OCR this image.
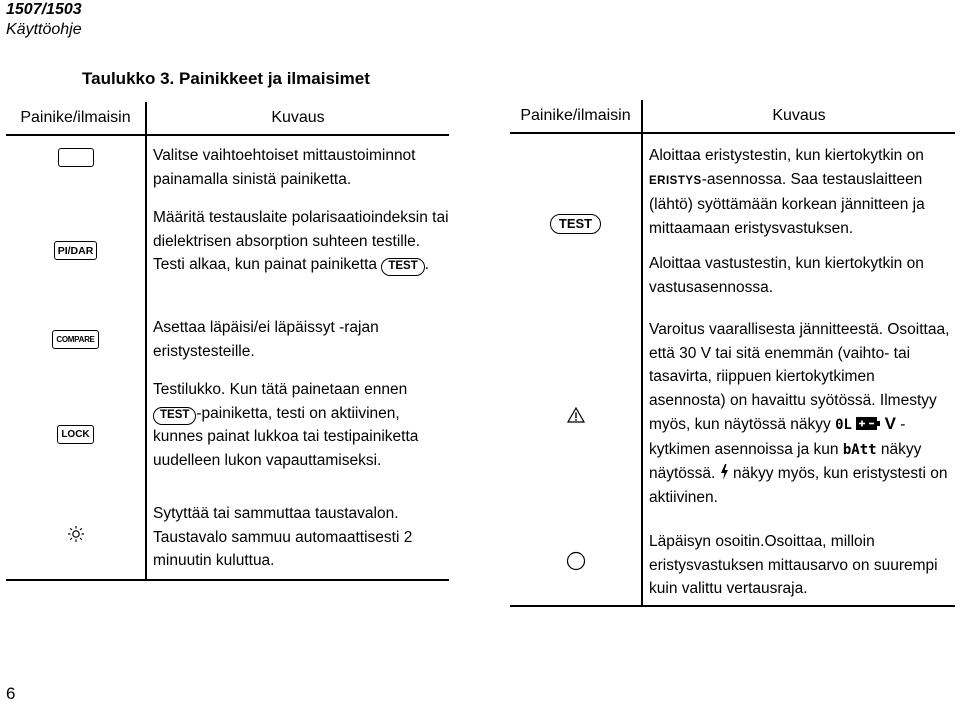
1507/1503
Käyttöohje
Taulukko 3. Painikkeet ja ilmaisimet
Painike/ilmaisin	Kuvaus
	Valitse vaihtoehtoiset mittaustoiminnot painamalla sinistä painiketta.
PI/DAR	Määritä testauslaite polarisaatioindeksin tai dielektrisen absorption suhteen testille. Testi alkaa, kun painat painiketta TEST .
COMPARE	Asettaa läpäisi/ei läpäissyt -rajan eristystesteille.
LOCK	Testilukko. Kun tätä painetaan ennen
TEST -painiketta, testi on aktiivinen, kunnes painat lukkoa tai testipainiketta uudelleen lukon vapauttamiseksi.
	Sytyttää tai sammuttaa taustavalon. Taustavalo sammuu automaattisesti 2 minuutin kuluttua.
Painike/ilmaisin	Kuvaus
TEST	Aloittaa eristystestin, kun kiertokytkin on ERISTYS-asennossa. Saa testauslaitteen (lähtö) syöttämään korkean jännitteen ja mittaamaan eristysvastuksen.
Aloittaa vastustestin, kun kiertokytkin on vastusasennossa.

	Varoitus vaarallisesta jännitteestä. Osoittaa, että 30 V tai sitä enemmän (vaihto- tai tasavirta, riippuen kiertokytkimen asennosta) on havaittu syötössä. Ilmestyy myös, kun näytössä näkyy 0L V -kytkimen asennoissa ja kun bAtt näkyy näytössä. näkyy myös, kun eristystesti on aktiivinen.
	Läpäisyn osoitin.Osoittaa, milloin eristysvastuksen mittausarvo on suurempi kuin valittu vertausraja.
6
